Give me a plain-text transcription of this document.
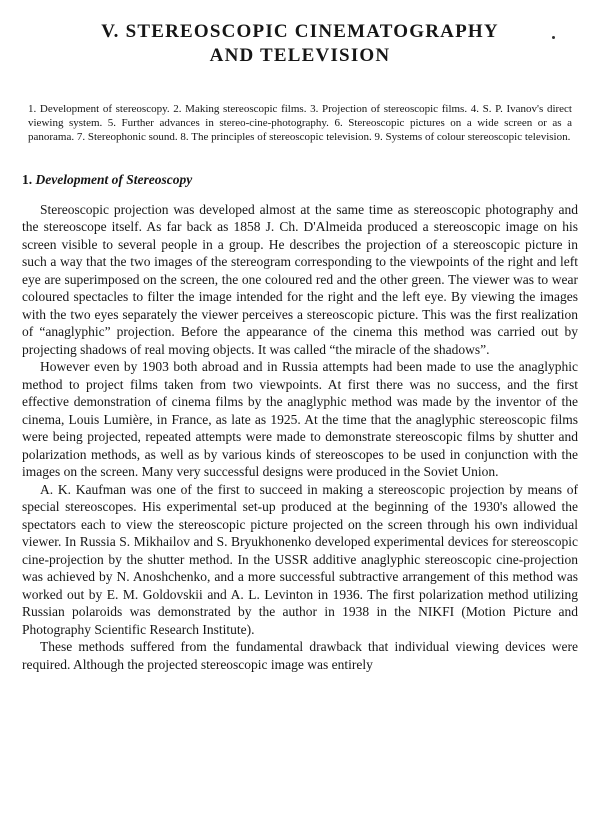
V. STEREOSCOPIC CINEMATOGRAPHY
AND TELEVISION

1. Development of stereoscopy. 2. Making stereoscopic films. 3. Projection of stereoscopic films. 4. S. P. Ivanov's direct viewing system. 5. Further advances in stereo-cine-photography. 6. Stereoscopic pictures on a wide screen or as a panorama. 7. Stereophonic sound. 8. The principles of stereoscopic television. 9. Systems of colour stereoscopic television.

1. Development of Stereoscopy

Stereoscopic projection was developed almost at the same time as stereoscopic photography and the stereoscope itself. As far back as 1858 J. Ch. D'Almeida produced a stereoscopic image on his screen visible to several people in a group. He describes the projection of a stereoscopic picture in such a way that the two images of the stereogram corresponding to the viewpoints of the right and left eye are superimposed on the screen, the one coloured red and the other green. The viewer was to wear coloured spectacles to filter the image intended for the right and the left eye. By viewing the images with the two eyes separately the viewer perceives a stereoscopic picture. This was the first realization of “anaglyphic” projection. Before the appearance of the cinema this method was carried out by projecting shadows of real moving objects. It was called “the miracle of the shadows”.

However even by 1903 both abroad and in Russia attempts had been made to use the anaglyphic method to project films taken from two viewpoints. At first there was no success, and the first effective demonstration of cinema films by the anaglyphic method was made by the inventor of the cinema, Louis Lumière, in France, as late as 1925. At the time that the anaglyphic stereoscopic films were being projected, repeated attempts were made to demonstrate stereoscopic films by shutter and polarization methods, as well as by various kinds of stereoscopes to be used in conjunction with the images on the screen. Many very successful designs were produced in the Soviet Union.

A. K. Kaufman was one of the first to succeed in making a stereoscopic projection by means of special stereoscopes. His experimental set-up produced at the beginning of the 1930's allowed the spectators each to view the stereoscopic picture projected on the screen through his own individual viewer. In Russia S. Mikhailov and S. Bryukhonenko developed experimental devices for stereoscopic cine-projection by the shutter method. In the USSR additive anaglyphic stereoscopic cine-projection was achieved by N. Anoshchenko, and a more successful subtractive arrangement of this method was worked out by E. M. Goldovskii and A. L. Levinton in 1936. The first polarization method utilizing Russian polaroids was demonstrated by the author in 1938 in the NIKFI (Motion Picture and Photography Scientific Research Institute).

These methods suffered from the fundamental drawback that individual viewing devices were required. Although the projected stereoscopic image was entirely
